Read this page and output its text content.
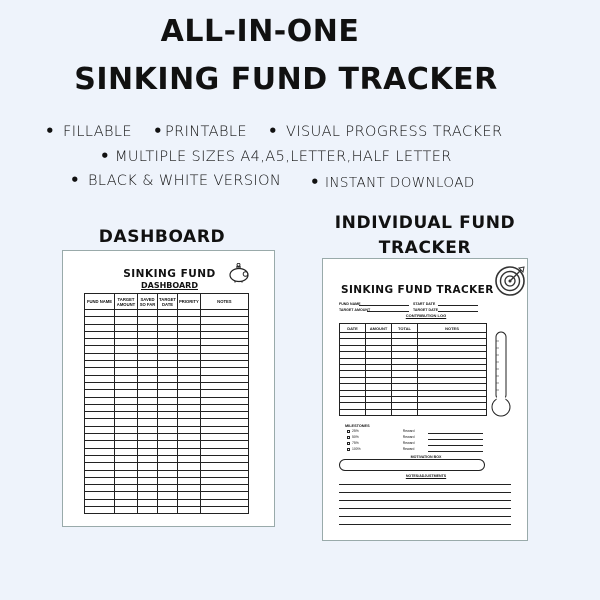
ALL-IN-ONE
SINKING FUND TRACKER
• FILLABLE • PRINTABLE • VISUAL PROGRESS TRACKER
• MULTIPLE SIZES A4,A5,LETTER,HALF LETTER
• BLACK & WHITE VERSION • INSTANT DOWNLOAD
DASHBOARD
INDIVIDUAL FUND
TRACKER
SINKING FUND
DASHBOARD
FUND NAME	TARGET AMOUNT	SAVED SO FAR	TARGET DATE	PRIORITY	NOTES

SINKING FUND TRACKER
FUND NAME	START DATE
TARGET AMOUNT	TARGET DATE
CONTRIBUTION LOG
DATE	AMOUNT	TOTAL	NOTES

MILESTONES
25%	Reward
50%	Reward
75%	Reward
100%	Reward
MOTIVATION BOX
NOTES/ADJUSTMENTS
